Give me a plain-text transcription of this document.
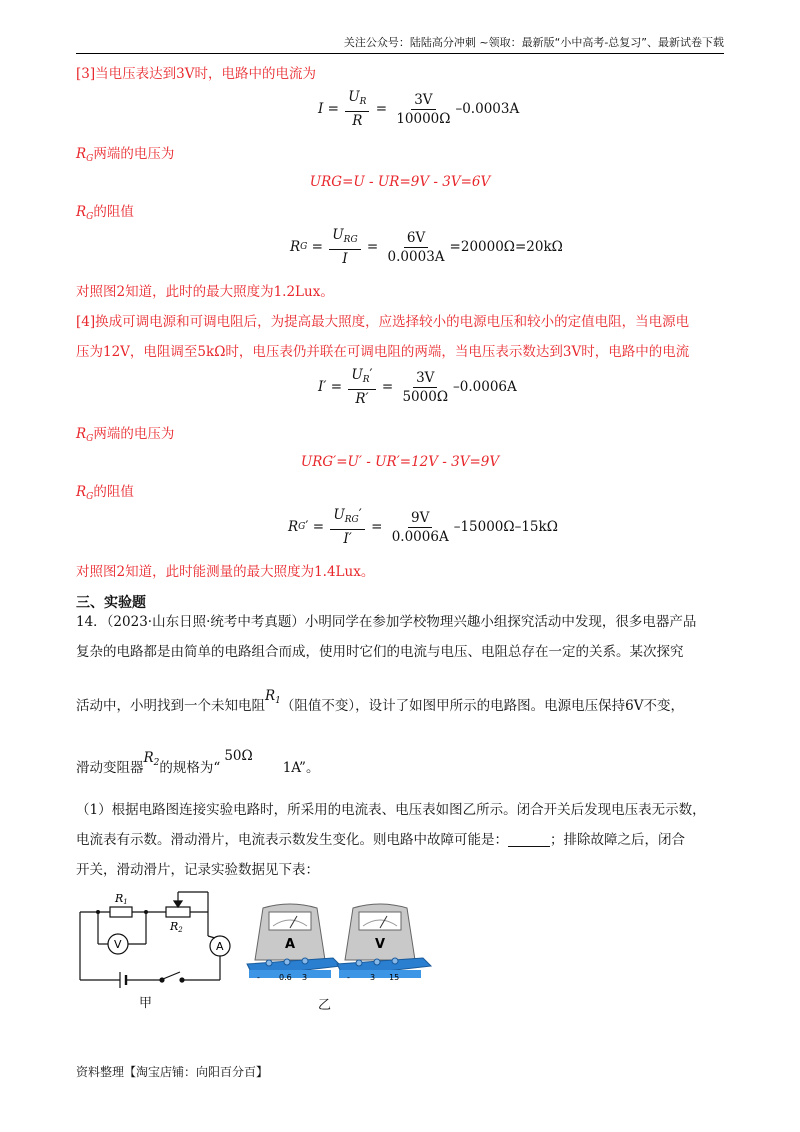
关注公众号：陆陆高分冲刺 ~领取：最新版“小中高考-总复习”、最新试卷下载
[3]当电压表达到3V时，电路中的电流为
$I = \frac{U_R}{R} = \frac{3V}{10000\Omega} -0.0003A$
$R_G$两端的电压为
URG=U - UR=9V - 3V=6V
$R_G$的阻值
R $G = \frac{U_{RG}}{I} = \frac{6V}{0.0003A} =20000\Omega=20k\Omega$
对照图2知道，此时的最大照度为1.2Lux。
[4]换成可调电源和可调电阻后，为提高最大照度，应选择较小的电源电压和较小的定值电阻，当电源电
压为12V，电阻调至5kΩ时，电压表仍并联在可调电阻的两端，当电压表示数达到3V时，电路中的电流
$I' = \frac{U_R'}{R'} = \frac{3V}{5000\Omega} -0.0006A$
$R_G$两端的电压为
URG′=U′ - UR′=12V - 3V=9V
$R_G$的阻值
R G ′ = $\frac{U_{RG}'}{I'} = \frac{9V}{0.0006A} -15000\Omega-15k\Omega$
对照图2知道，此时能测量的最大照度为1.4Lux。
三、实验题
14．（2023·山东日照·统考中考真题）小明同学在参加学校物理兴趣小组探究活动中发现，很多电器产品
复杂的电路都是由简单的电路组合而成，使用时它们的电流与电压、电阻总存在一定的关系。某次探究
活动中，小明找到一个未知电阻$R_1$（阻值不变），设计了如图甲所示的电路图。电源电压保持6V不变，
滑动变阻器$R_2$的规格为“50Ω1A”。
（1）根据电路图连接实验电路时，所采用的电流表、电压表如图乙所示。闭合开关后发现电压表无示数，
电流表有示数。滑动滑片，电流表示数发生变化。则电路中故障可能是：	；排除故障之后，闭合
开关，滑动滑片，记录实验数据见下表：
R1
R2
V	A
甲
A
- 0.6 3
V
-	3 15
乙
资料整理【淘宝店铺：向阳百分百】
